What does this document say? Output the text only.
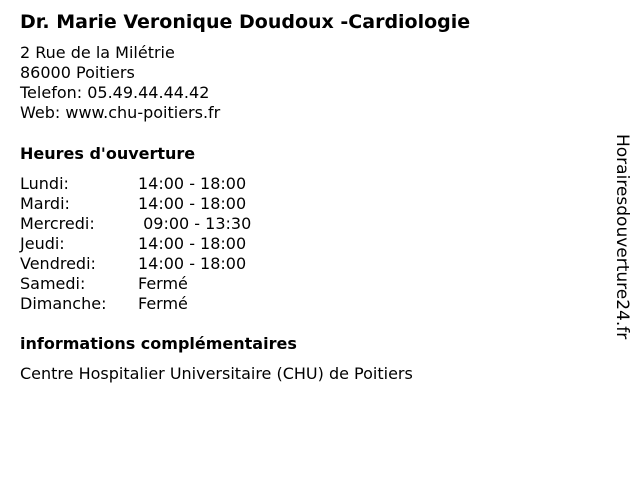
Dr. Marie Veronique Doudoux -Cardiologie
2 Rue de la Milétrie
86000 Poitiers
Telefon: 05.49.44.44.42
Web: www.chu-poitiers.fr
Heures d'ouverture
Lundi:	14:00 - 18:00
Mardi:	14:00 - 18:00
Mercredi:	09:00 - 13:30
Jeudi:	14:00 - 18:00
Vendredi:	14:00 - 18:00
Samedi:	Fermé
Dimanche:	Fermé
informations complémentaires
Centre Hospitalier Universitaire (CHU) de Poitiers
Horairesdouverture24.fr
